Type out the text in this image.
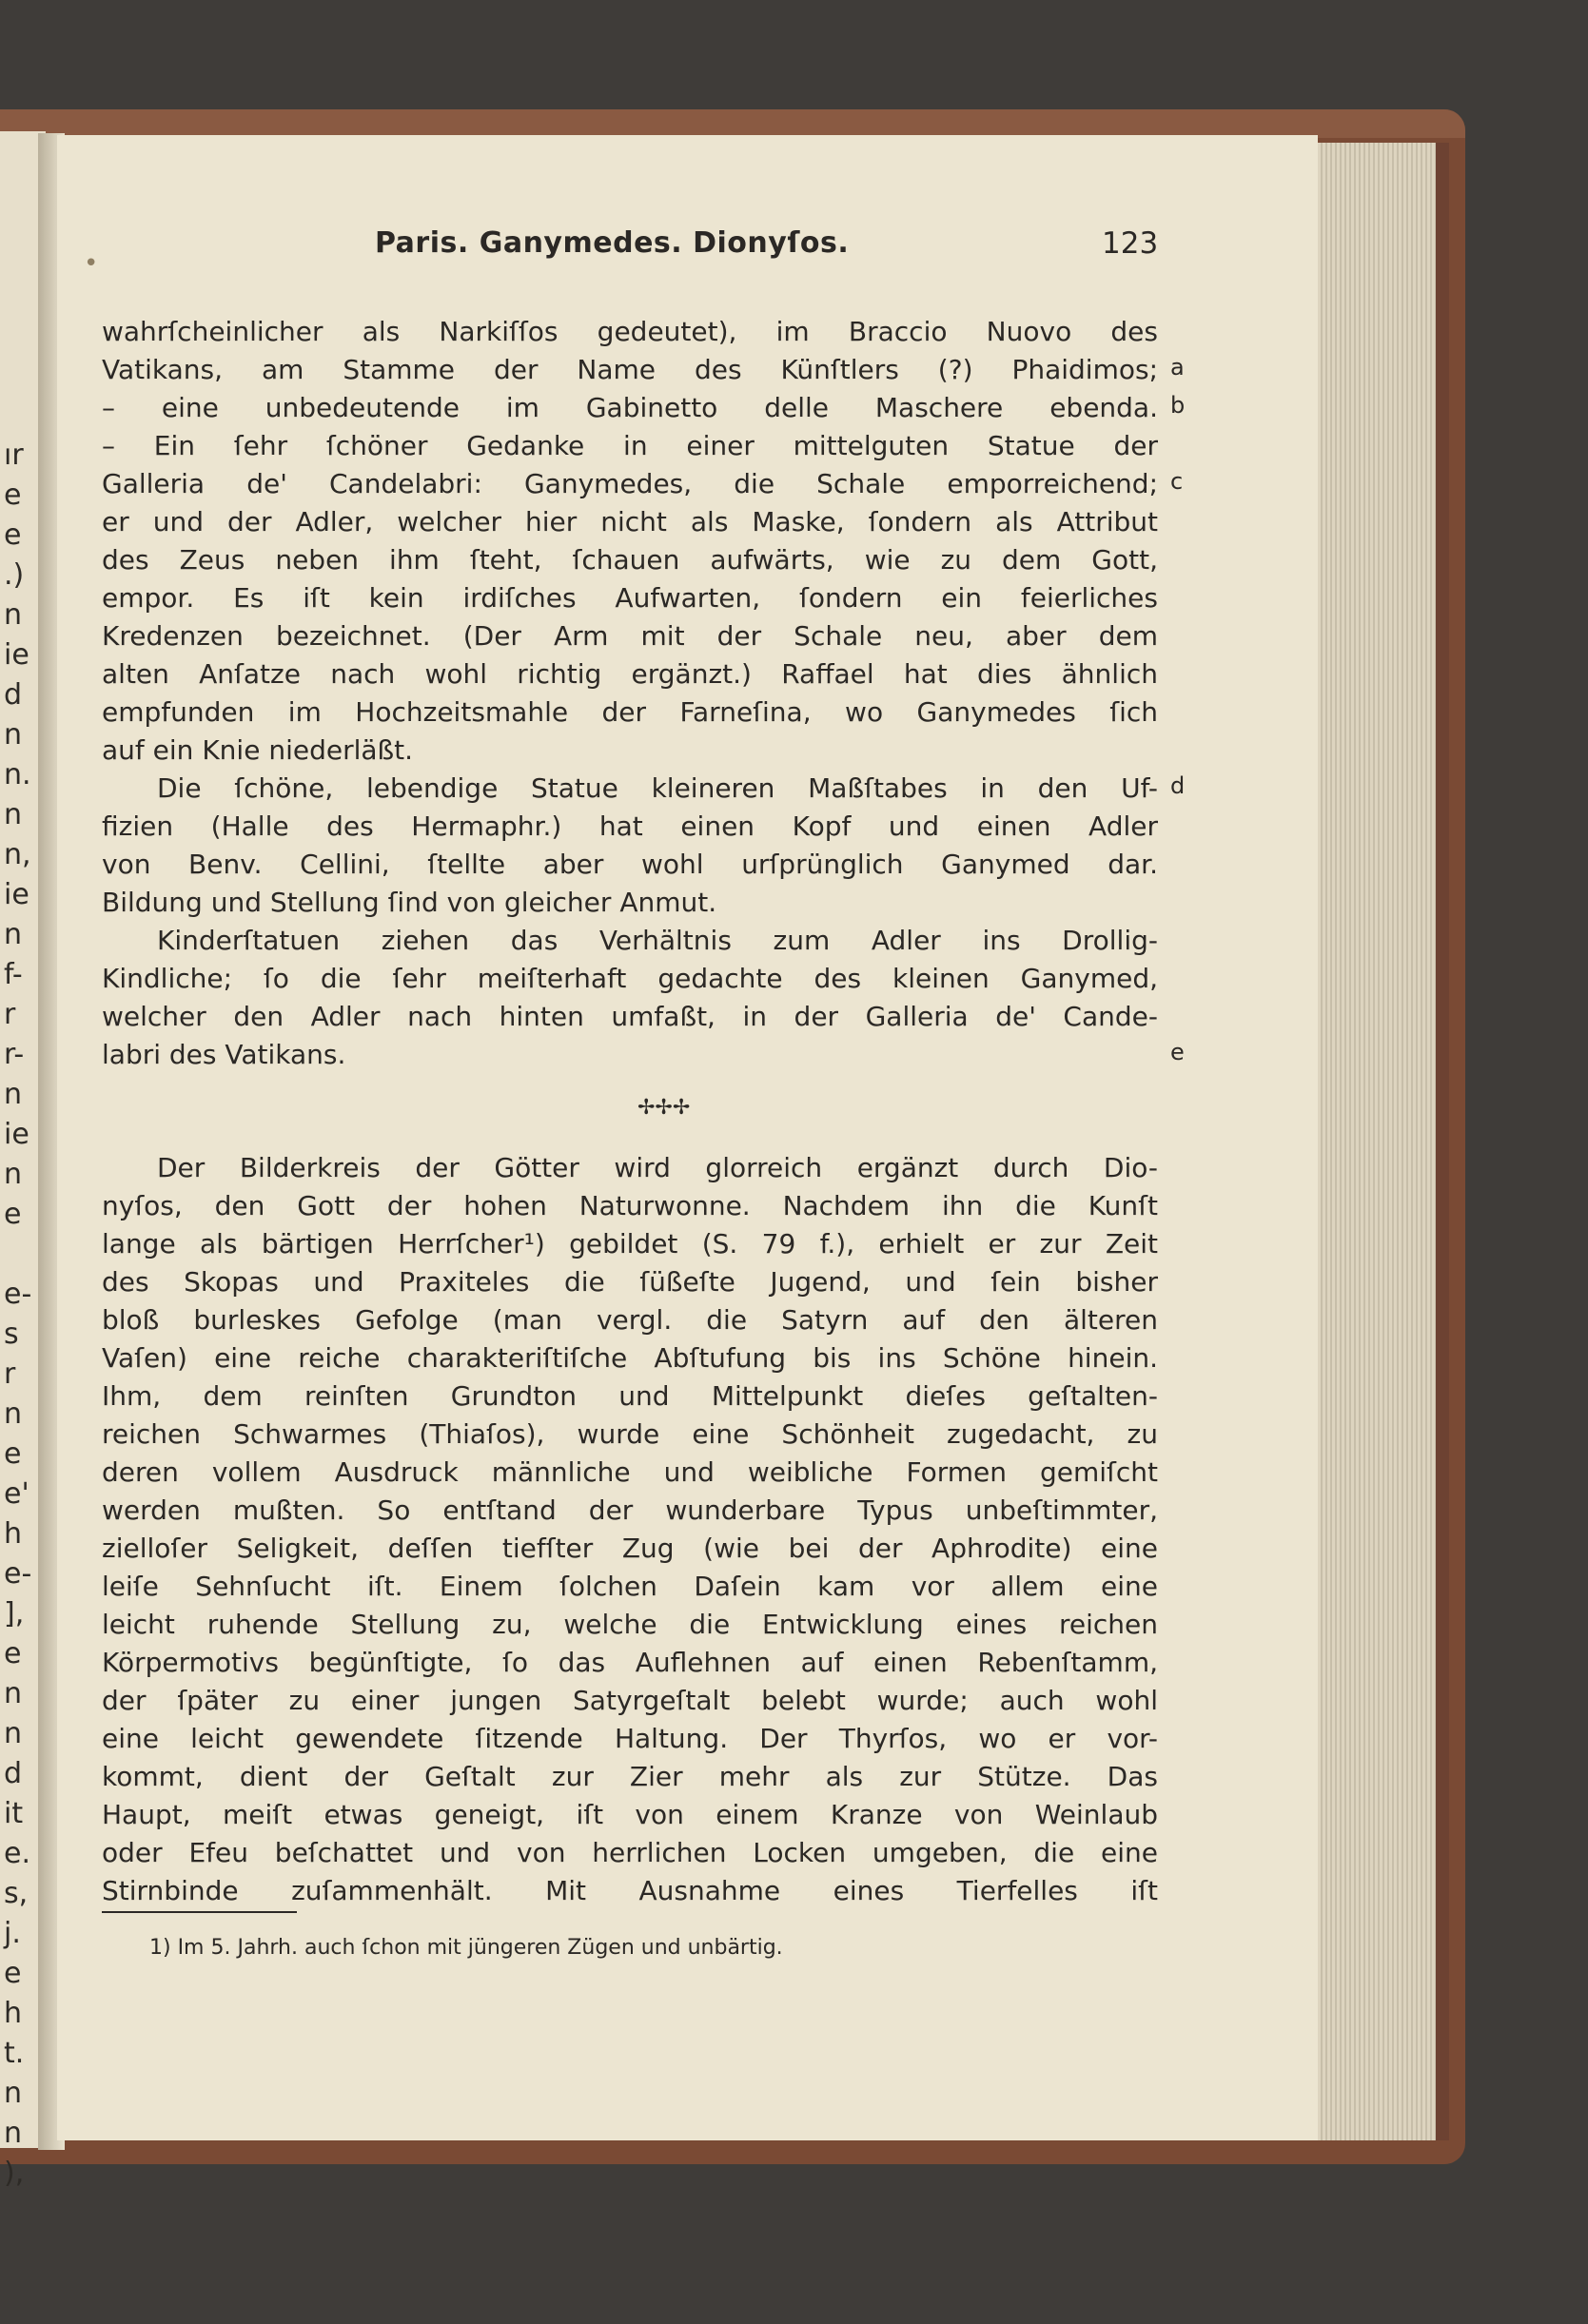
ır
e
e
.)
n
ie
d
n
n.
n
n,
ie
n
f-
r
r-
n
ie
n
e
e-
s
r
n
e
e'
h
e-
],
e
n
n
d
it
e.
s,
j.
e
h
t.
n
n
),
•
Paris. Ganymedes. Dionyſos.	123
wahrſcheinlicher als Narkiſſos gedeutet), im Braccio Nuovo des
Vatikans, am Stamme der Name des Künſtlers (?) Phaidimos;
– eine unbedeutende im Gabinetto delle Maschere ebenda.
– Ein ſehr ſchöner Gedanke in einer mittelguten Statue der
Galleria de' Candelabri: Ganymedes, die Schale emporreichend;
er und der Adler, welcher hier nicht als Maske, ſondern als Attribut
des Zeus neben ihm ſteht, ſchauen aufwärts, wie zu dem Gott,
empor. Es iſt kein irdiſches Aufwarten, ſondern ein feierliches
Kredenzen bezeichnet. (Der Arm mit der Schale neu, aber dem
alten Anſatze nach wohl richtig ergänzt.) Raffael hat dies ähnlich
empfunden im Hochzeitsmahle der Farneſina, wo Ganymedes ſich
auf ein Knie niederläßt.
Die ſchöne, lebendige Statue kleineren Maßſtabes in den Uf-
fizien (Halle des Hermaphr.) hat einen Kopf und einen Adler
von Benv. Cellini, ſtellte aber wohl urſprünglich Ganymed dar.
Bildung und Stellung ſind von gleicher Anmut.
Kinderſtatuen ziehen das Verhältnis zum Adler ins Drollig-
Kindliche; ſo die ſehr meiſterhaft gedachte des kleinen Ganymed,
welcher den Adler nach hinten umfaßt, in der Galleria de' Cande-
labri des Vatikans.
Der Bilderkreis der Götter wird glorreich ergänzt durch Dio-
nyſos, den Gott der hohen Naturwonne. Nachdem ihn die Kunſt
lange als bärtigen Herrſcher¹) gebildet (S. 79 f.), erhielt er zur Zeit
des Skopas und Praxiteles die ſüßeſte Jugend, und ſein bisher
bloß burleskes Gefolge (man vergl. die Satyrn auf den älteren
Vaſen) eine reiche charakteriſtiſche Abſtufung bis ins Schöne hinein.
Ihm, dem reinſten Grundton und Mittelpunkt dieſes geſtalten-
reichen Schwarmes (Thiaſos), wurde eine Schönheit zugedacht, zu
deren vollem Ausdruck männliche und weibliche Formen gemiſcht
werden mußten. So entſtand der wunderbare Typus unbeſtimmter,
zielloſer Seligkeit, deſſen tiefſter Zug (wie bei der Aphrodite) eine
leiſe Sehnſucht iſt. Einem ſolchen Daſein kam vor allem eine
leicht ruhende Stellung zu, welche die Entwicklung eines reichen
Körpermotivs begünſtigte, ſo das Auflehnen auf einen Rebenſtamm,
der ſpäter zu einer jungen Satyrgeſtalt belebt wurde; auch wohl
eine leicht gewendete ſitzende Haltung. Der Thyrſos, wo er vor-
kommt, dient der Geſtalt zur Zier mehr als zur Stütze. Das
Haupt, meiſt etwas geneigt, iſt von einem Kranze von Weinlaub
oder Efeu beſchattet und von herrlichen Locken umgeben, die eine
Stirnbinde zuſammenhält. Mit Ausnahme eines Tierfelles iſt
✢✢✢
a
b
c
d
e
1) Im 5. Jahrh. auch ſchon mit jüngeren Zügen und unbärtig.
